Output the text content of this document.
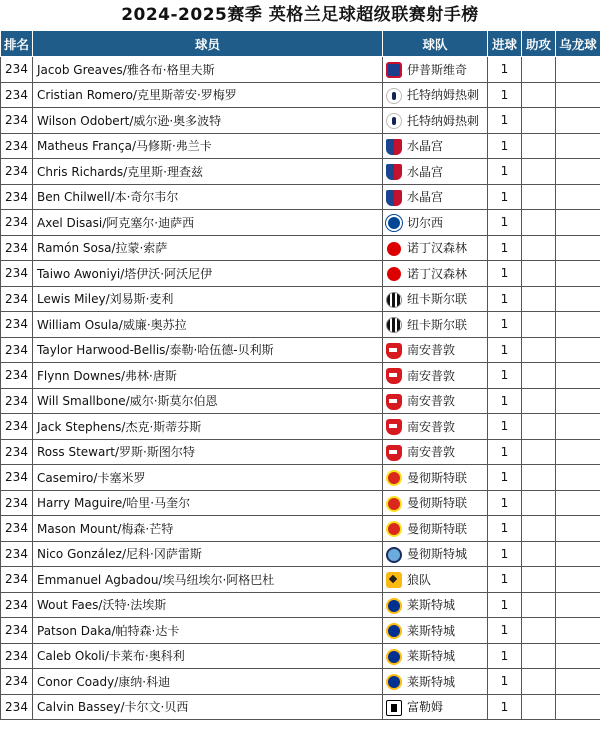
2024-2025赛季 英格兰足球超级联赛射手榜
排名	球员	球队	进球	助攻	乌龙球
234	Jacob Greaves/雅各布·格里夫斯	伊普斯维奇	1		
234	Cristian Romero/克里斯蒂安·罗梅罗	托特纳姆热刺	1		
234	Wilson Odobert/威尔逊·奥多波特	托特纳姆热刺	1		
234	Matheus França/马修斯·弗兰卡	水晶宫	1		
234	Chris Richards/克里斯·理查兹	水晶宫	1		
234	Ben Chilwell/本·奇尔韦尔	水晶宫	1		
234	Axel Disasi/阿克塞尔·迪萨西	切尔西	1		
234	Ramón Sosa/拉蒙·索萨	诺丁汉森林	1		
234	Taiwo Awoniyi/塔伊沃·阿沃尼伊	诺丁汉森林	1		
234	Lewis Miley/刘易斯·麦利	纽卡斯尔联	1		
234	William Osula/威廉·奥苏拉	纽卡斯尔联	1		
234	Taylor Harwood-Bellis/泰勒·哈伍德-贝利斯	南安普敦	1		
234	Flynn Downes/弗林·唐斯	南安普敦	1		
234	Will Smallbone/威尔·斯莫尔伯恩	南安普敦	1		
234	Jack Stephens/杰克·斯蒂芬斯	南安普敦	1		
234	Ross Stewart/罗斯·斯图尔特	南安普敦	1		
234	Casemiro/卡塞米罗	曼彻斯特联	1		
234	Harry Maguire/哈里·马奎尔	曼彻斯特联	1		
234	Mason Mount/梅森·芒特	曼彻斯特联	1		
234	Nico González/尼科·冈萨雷斯	曼彻斯特城	1		
234	Emmanuel Agbadou/埃马纽埃尔·阿格巴杜	狼队	1		
234	Wout Faes/沃特·法埃斯	莱斯特城	1		
234	Patson Daka/帕特森·达卡	莱斯特城	1		
234	Caleb Okoli/卡莱布·奥科利	莱斯特城	1		
234	Conor Coady/康纳·科迪	莱斯特城	1		
234	Calvin Bassey/卡尔文·贝西	富勒姆	1		
